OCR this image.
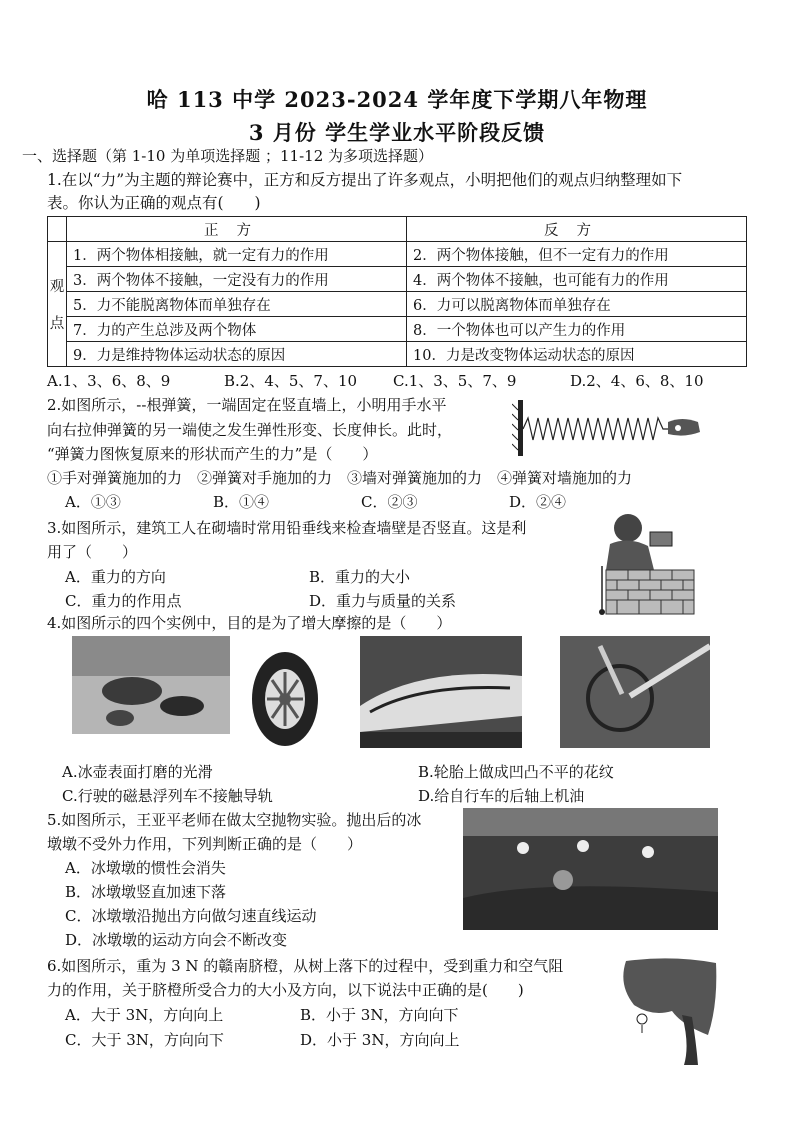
哈 113 中学 2023-2024 学年度下学期八年物理
3 月份 学生学业水平阶段反馈
一、选择题（第 1-10 为单项选择题 ；11-12 为多项选择题）
1.在以“力”为主题的辩论赛中，正方和反方提出了许多观点，小明把他们的观点归纳整理如下
表。你认为正确的观点有(　　)
	正方	反方
观

点	1．两个物体相接触，就一定有力的作用	2．两个物体接触，但不一定有力的作用
	3．两个物体不接触，一定没有力的作用	4．两个物体不接触，也可能有力的作用
	5．力不能脱离物体而单独存在	6．力可以脱离物体而单独存在
	7．力的产生总涉及两个物体	8．一个物体也可以产生力的作用
	9．力是维持物体运动状态的原因	10．力是改变物体运动状态的原因
A.1、3、6、8、9	B.2、4、5、7、10 C.1、3、5、7、9	D.2、4、6、8、10
2.如图所示，--根弹簧，一端固定在竖直墙上，小明用手水平
向右拉伸弹簧的另一端使之发生弹性形变、长度伸长。此时，
“弹簧力图恢复原来的形状而产生的力”是（　　）
①手对弹簧施加的力　②弹簧对手施加的力　③墙对弹簧施加的力　④弹簧对墙施加的力
A．①③	B．①④	C．②③	D．②④
3.如图所示，建筑工人在砌墙时常用铅垂线来检查墙壁是否竖直。这是利
用了（　　）
A．重力的方向	B．重力的大小
C．重力的作用点	D．重力与质量的关系
4.如图所示的四个实例中，目的是为了增大摩擦的是（　　）
A.冰壶表面打磨的光滑	B.轮胎上做成凹凸不平的花纹
C.行驶的磁悬浮列车不接触导轨	D.给自行车的后轴上机油
5.如图所示，王亚平老师在做太空抛物实验。抛出后的冰
墩墩不受外力作用，下列判断正确的是（　　）
A．冰墩墩的惯性会消失
B．冰墩墩竖直加速下落
C．冰墩墩沿抛出方向做匀速直线运动
D．冰墩墩的运动方向会不断改变
6.如图所示，重为 3 N 的赣南脐橙，从树上落下的过程中，受到重力和空气阻
力的作用，关于脐橙所受合力的大小及方向，以下说法中正确的是(　　)
A．大于 3N，方向向上	B．小于 3N，方向向下
C．大于 3N，方向向下	D．小于 3N，方向向上
